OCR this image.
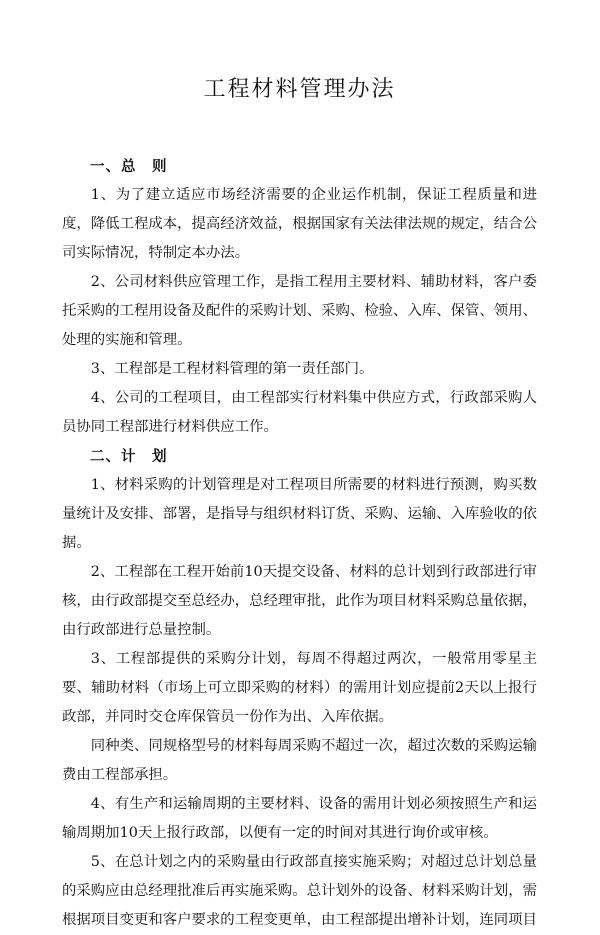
工程材料管理办法
一、总　则

1、为了建立适应市场经济需要的企业运作机制，保证工程质量和进度，降低工程成本，提高经济效益，根据国家有关法律法规的规定，结合公司实际情况，特制定本办法。

2、公司材料供应管理工作，是指工程用主要材料、辅助材料，客户委托采购的工程用设备及配件的采购计划、采购、检验、入库、保管、领用、处理的实施和管理。

3、工程部是工程材料管理的第一责任部门。

4、公司的工程项目，由工程部实行材料集中供应方式，行政部采购人员协同工程部进行材料供应工作。

二、计　划

1、材料采购的计划管理是对工程项目所需要的材料进行预测，购买数量统计及安排、部署，是指导与组织材料订货、采购、运输、入库验收的依据。

2、工程部在工程开始前10天提交设备、材料的总计划到行政部进行审核，由行政部提交至总经办，总经理审批，此作为项目材料采购总量依据，由行政部进行总量控制。

3、工程部提供的采购分计划，每周不得超过两次，一般常用零星主要、辅助材料（市场上可立即采购的材料）的需用计划应提前2天以上报行政部，并同时交仓库保管员一份作为出、入库依据。

同种类、同规格型号的材料每周采购不超过一次，超过次数的采购运输费由工程部承担。

4、有生产和运输周期的主要材料、设备的需用计划必须按照生产和运输周期加10天上报行政部，以便有一定的时间对其进行询价或审核。

5、在总计划之内的采购量由行政部直接实施采购；对超过总计划总量的采购应由总经理批准后再实施采购。总计划外的设备、材料采购计划，需根据项目变更和客户要求的工程变更单，由工程部提出增补计划，连同项目
